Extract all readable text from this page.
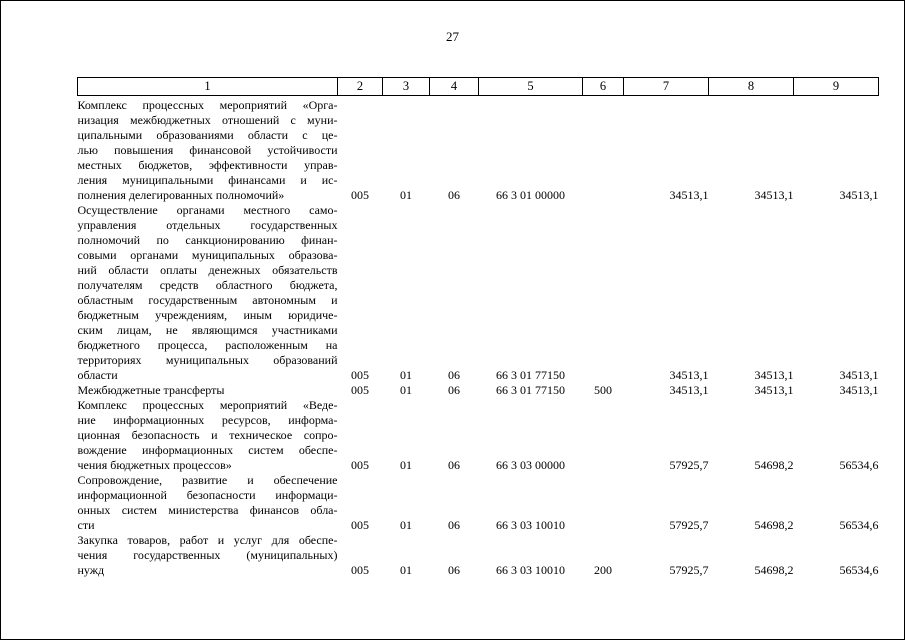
27
1	2	3	4	5	6	7	8	9

Комплекс процессных мероприятий «Орга-
низация межбюджетных отношений с муни-
ципальными образованиями области с це-
лью повышения финансовой устойчивости
местных бюджетов, эффективности управ-
ления муниципальными финансами и ис-
полнения делегированных полномочий»	005	01	06	66 3 01 00000		34513,1	34513,1	34513,1

Осуществление органами местного само-
управления отдельных государственных
полномочий по санкционированию финан-
совыми органами муниципальных образова-
ний области оплаты денежных обязательств
получателям средств областного бюджета,
областным государственным автономным и
бюджетным учреждениям, иным юридиче-
ским лицам, не являющимся участниками
бюджетного процесса, расположенным на
территориях муниципальных образований
области	005	01	06	66 3 01 77150		34513,1	34513,1	34513,1

Межбюджетные трансферты	005	01	06	66 3 01 77150	500	34513,1	34513,1	34513,1

Комплекс процессных мероприятий «Веде-
ние информационных ресурсов, информа-
ционная безопасность и техническое сопро-
вождение информационных систем обеспе-
чения бюджетных процессов»	005	01	06	66 3 03 00000		57925,7	54698,2	56534,6

Сопровождение, развитие и обеспечение
информационной безопасности информаци-
онных систем министерства финансов обла-
сти	005	01	06	66 3 03 10010		57925,7	54698,2	56534,6

Закупка товаров, работ и услуг для обеспе-
чения государственных (муниципальных)
нужд	005	01	06	66 3 03 10010	200	57925,7	54698,2	56534,6
